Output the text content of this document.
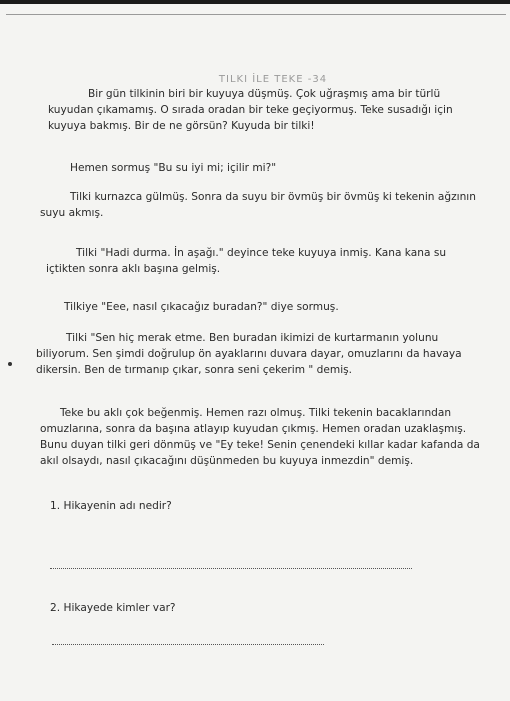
TILKI İLE TEKE -34

Bir gün tilkinin biri bir kuyuya düşmüş. Çok uğraşmış ama bir türlü kuyudan çıkamamış. O sırada oradan bir teke geçiyormuş. Teke susadığı için kuyuya bakmış. Bir de ne görsün? Kuyuda bir tilki!

Hemen sormuş "Bu su iyi mi; içilir mi?"

Tilki kurnazca gülmüş. Sonra da suyu bir övmüş bir övmüş ki tekenin ağzının suyu akmış.

Tilki "Hadi durma. İn aşağı." deyince teke kuyuya inmiş. Kana kana su içtikten sonra aklı başına gelmiş.

Tilkiye "Eee, nasıl çıkacağız buradan?" diye sormuş.

Tilki "Sen hiç merak etme. Ben buradan ikimizi de kurtarmanın yolunu biliyorum. Sen şimdi doğrulup ön ayaklarını duvara dayar, omuzlarını da havaya dikersin. Ben de tırmanıp çıkar, sonra seni çekerim " demiş.

Teke bu aklı çok beğenmiş. Hemen razı olmuş. Tilki tekenin bacaklarından omuzlarına, sonra da başına atlayıp kuyudan çıkmış. Hemen oradan uzaklaşmış. Bunu duyan tilki geri dönmüş ve "Ey teke! Senin çenendeki kıllar kadar kafanda da akıl olsaydı, nasıl çıkacağını düşünmeden bu kuyuya inmezdin" demiş.

1. Hikayenin adı nedir?
2. Hikayede kimler var?
